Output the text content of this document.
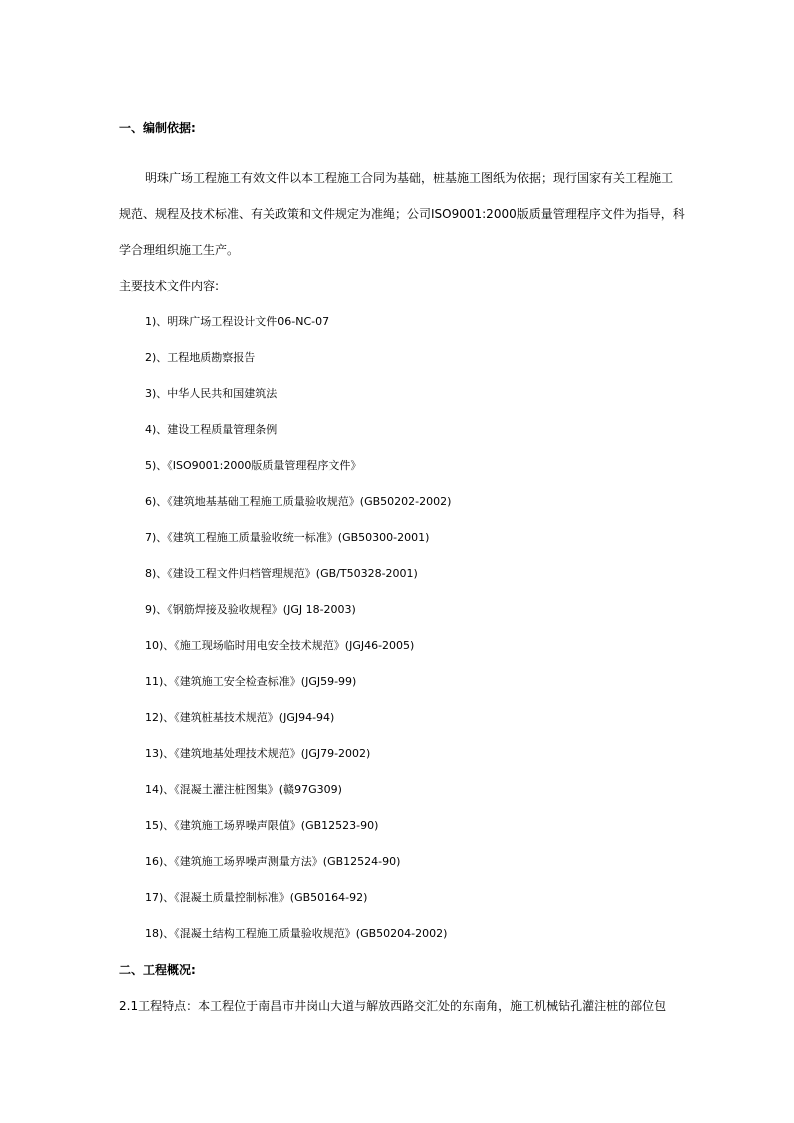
一、编制依据:
明珠广场工程施工有效文件以本工程施工合同为基础，桩基施工图纸为依据；现行国家有关工程施工
规范、规程及技术标准、有关政策和文件规定为准绳；公司ISO9001:2000版质量管理程序文件为指导，科
学合理组织施工生产。
主要技术文件内容:
1)、明珠广场工程设计文件06-NC-07
2)、工程地质勘察报告
3)、中华人民共和国建筑法
4)、建设工程质量管理条例
5)、《ISO9001:2000版质量管理程序文件》
6)、《建筑地基基础工程施工质量验收规范》(GB50202-2002)
7)、《建筑工程施工质量验收统一标准》(GB50300-2001)
8)、《建设工程文件归档管理规范》(GB/T50328-2001)
9)、《钢筋焊接及验收规程》(JGJ 18-2003)
10)、《施工现场临时用电安全技术规范》(JGJ46-2005)
11)、《建筑施工安全检查标准》(JGJ59-99)
12)、《建筑桩基技术规范》(JGJ94-94)
13)、《建筑地基处理技术规范》(JGJ79-2002)
14)、《混凝土灌注桩图集》(赣97G309)
15)、《建筑施工场界噪声限值》(GB12523-90)
16)、《建筑施工场界噪声测量方法》(GB12524-90)
17)、《混凝土质量控制标准》(GB50164-92)
18)、《混凝土结构工程施工质量验收规范》(GB50204-2002)
二、工程概况:
2.1工程特点：本工程位于南昌市井岗山大道与解放西路交汇处的东南角，施工机械钻孔灌注桩的部位包
